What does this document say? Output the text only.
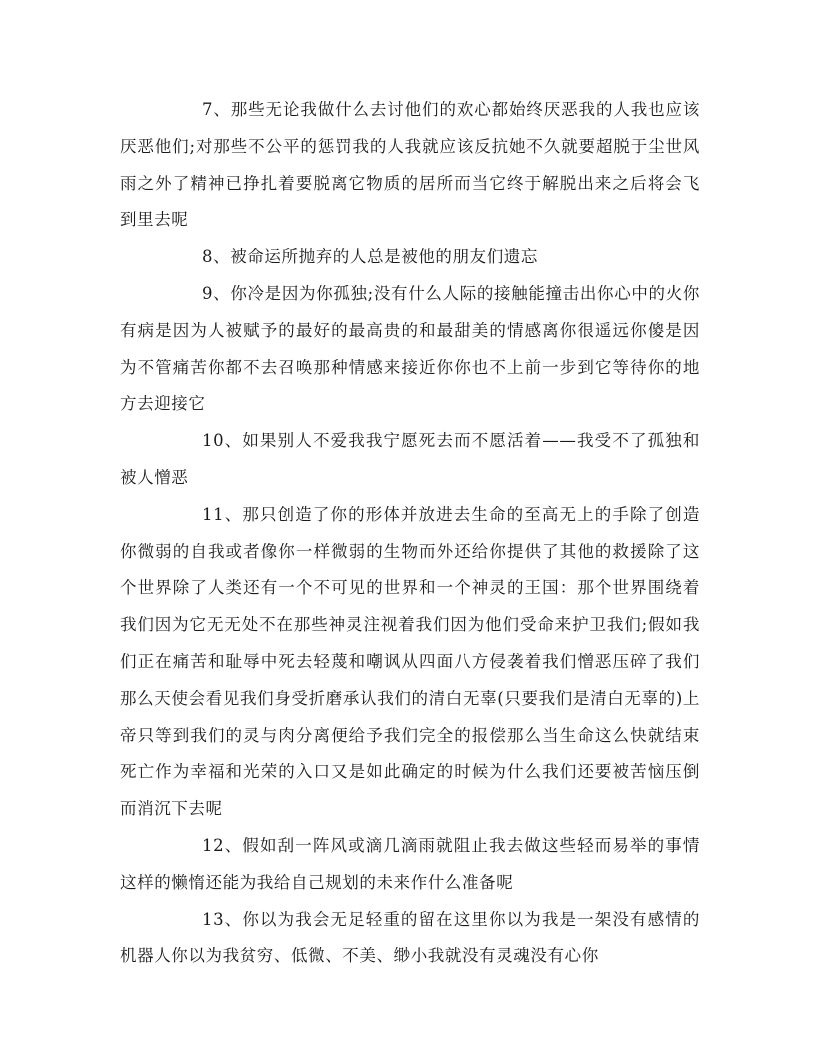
7、那些无论我做什么去讨他们的欢心都始终厌恶我的人我也应该厌恶他们;对那些不公平的惩罚我的人我就应该反抗她不久就要超脱于尘世风雨之外了精神已挣扎着要脱离它物质的居所而当它终于解脱出来之后将会飞到里去呢

8、被命运所抛弃的人总是被他的朋友们遗忘

9、你冷是因为你孤独;没有什么人际的接触能撞击出你心中的火你有病是因为人被赋予的最好的最高贵的和最甜美的情感离你很遥远你傻是因为不管痛苦你都不去召唤那种情感来接近你你也不上前一步到它等待你的地方去迎接它

10、如果别人不爱我我宁愿死去而不愿活着——我受不了孤独和被人憎恶

11、那只创造了你的形体并放进去生命的至高无上的手除了创造你微弱的自我或者像你一样微弱的生物而外还给你提供了其他的救援除了这个世界除了人类还有一个不可见的世界和一个神灵的王国：那个世界围绕着我们因为它无无处不在那些神灵注视着我们因为他们受命来护卫我们;假如我们正在痛苦和耻辱中死去轻蔑和嘲讽从四面八方侵袭着我们憎恶压碎了我们那么天使会看见我们身受折磨承认我们的清白无辜(只要我们是清白无辜的)上帝只等到我们的灵与肉分离便给予我们完全的报偿那么当生命这么快就结束死亡作为幸福和光荣的入口又是如此确定的时候为什么我们还要被苦恼压倒而消沉下去呢

12、假如刮一阵风或滴几滴雨就阻止我去做这些轻而易举的事情这样的懒惰还能为我给自己规划的未来作什么准备呢

13、你以为我会无足轻重的留在这里你以为我是一架没有感情的机器人你以为我贫穷、低微、不美、缈小我就没有灵魂没有心你
